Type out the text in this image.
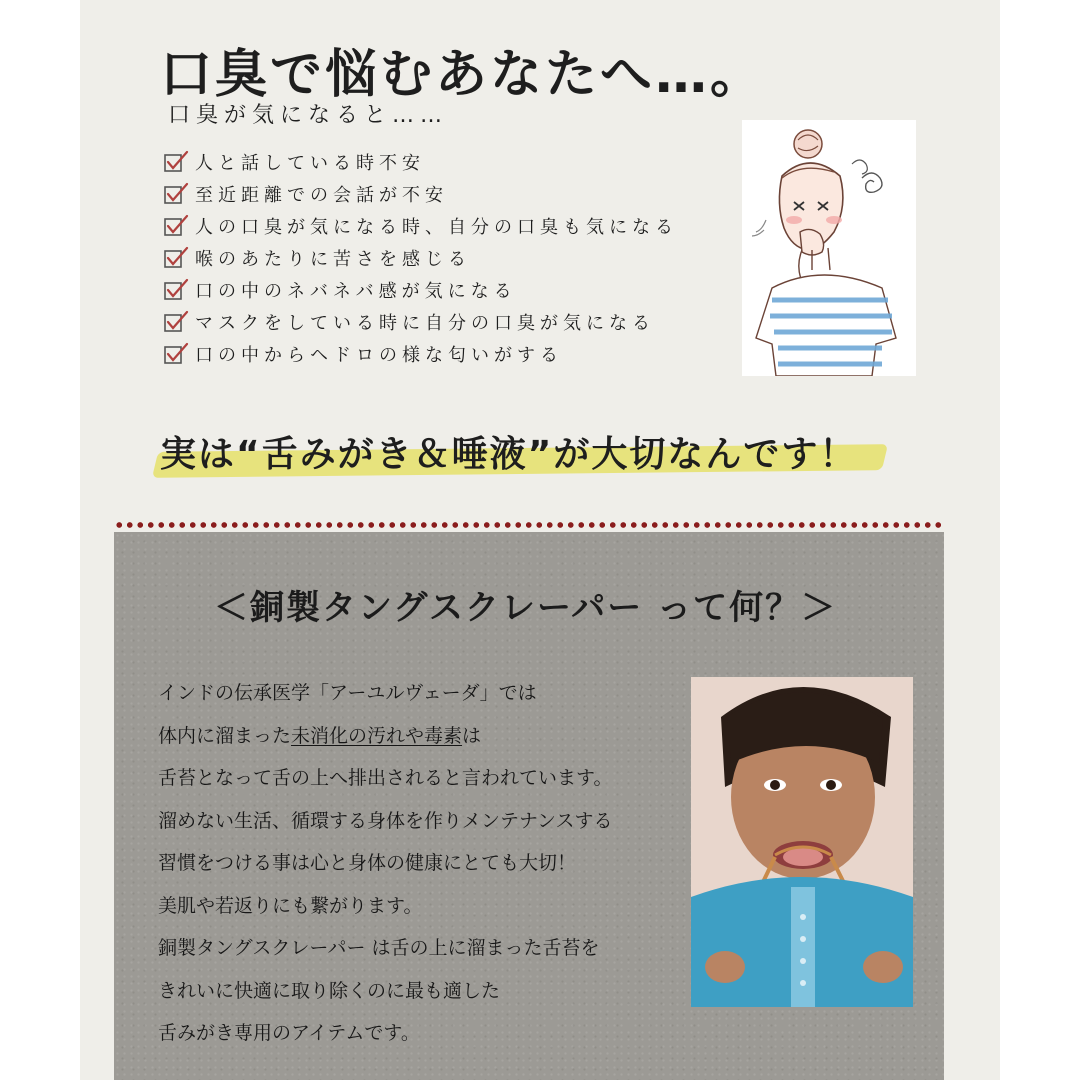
口臭で悩むあなたへ…。
口臭が気になると……
人と話している時不安
至近距離での会話が不安
人の口臭が気になる時、自分の口臭も気になる
喉のあたりに苦さを感じる
口の中のネバネバ感が気になる
マスクをしている時に自分の口臭が気になる
口の中からヘドロの様な匂いがする
実は“舌みがき＆唾液”が大切なんです！
＜銅製タングスクレーパー って何？＞
インドの伝承医学「アーユルヴェーダ」では
体内に溜まった未消化の汚れや毒素は
舌苔となって舌の上へ排出されると言われています。
溜めない生活、循環する身体を作りメンテナンスする
習慣をつける事は心と身体の健康にとても大切！
美肌や若返りにも繋がります。
銅製タングスクレーパー は舌の上に溜まった舌苔を
きれいに快適に取り除くのに最も適した
舌みがき専用のアイテムです。
